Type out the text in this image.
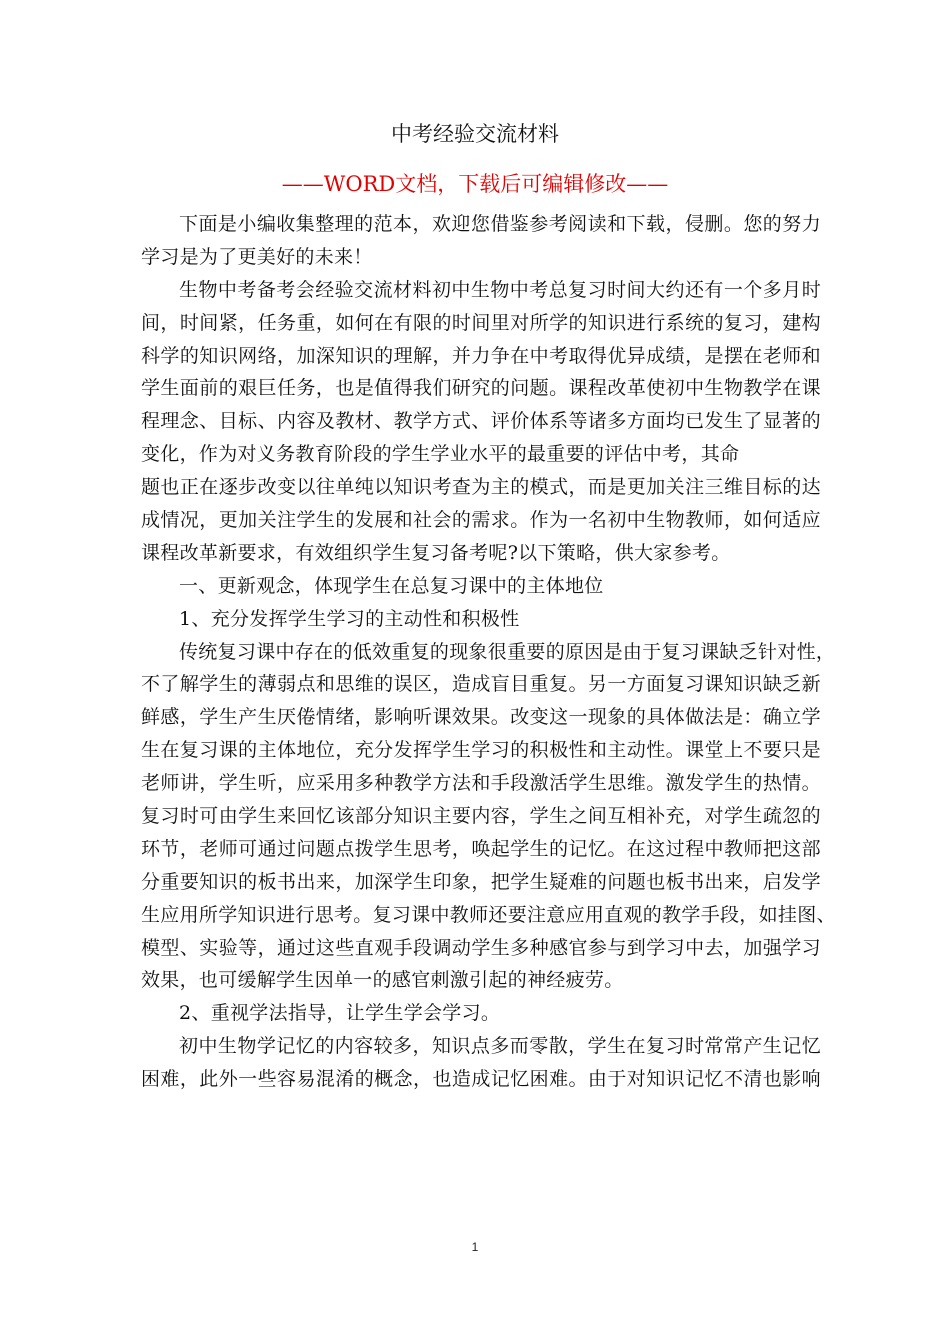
中考经验交流材料
——WORD文档，下载后可编辑修改——
下面是小编收集整理的范本，欢迎您借鉴参考阅读和下载，侵删。您的努力
学习是为了更美好的未来！
生物中考备考会经验交流材料初中生物中考总复习时间大约还有一个多月时
间，时间紧，任务重，如何在有限的时间里对所学的知识进行系统的复习，建构
科学的知识网络，加深知识的理解，并力争在中考取得优异成绩，是摆在老师和
学生面前的艰巨任务，也是值得我们研究的问题。课程改革使初中生物教学在课
程理念、目标、内容及教材、教学方式、评价体系等诸多方面均已发生了显著的
变化，作为对义务教育阶段的学生学业水平的最重要的评估中考，其命
题也正在逐步改变以往单纯以知识考查为主的模式，而是更加关注三维目标的达
成情况，更加关注学生的发展和社会的需求。作为一名初中生物教师，如何适应
课程改革新要求，有效组织学生复习备考呢?以下策略，供大家参考。
一、更新观念，体现学生在总复习课中的主体地位
1、充分发挥学生学习的主动性和积极性
传统复习课中存在的低效重复的现象很重要的原因是由于复习课缺乏针对性，
不了解学生的薄弱点和思维的误区，造成盲目重复。另一方面复习课知识缺乏新
鲜感，学生产生厌倦情绪，影响听课效果。改变这一现象的具体做法是：确立学
生在复习课的主体地位，充分发挥学生学习的积极性和主动性。课堂上不要只是
老师讲，学生听，应采用多种教学方法和手段激活学生思维。激发学生的热情。
复习时可由学生来回忆该部分知识主要内容，学生之间互相补充，对学生疏忽的
环节，老师可通过问题点拨学生思考，唤起学生的记忆。在这过程中教师把这部
分重要知识的板书出来，加深学生印象，把学生疑难的问题也板书出来，启发学
生应用所学知识进行思考。复习课中教师还要注意应用直观的教学手段，如挂图、
模型、实验等，通过这些直观手段调动学生多种感官参与到学习中去，加强学习
效果，也可缓解学生因单一的感官刺激引起的神经疲劳。
2、重视学法指导，让学生学会学习。
初中生物学记忆的内容较多，知识点多而零散，学生在复习时常常产生记忆
困难，此外一些容易混淆的概念，也造成记忆困难。由于对知识记忆不清也影响
1
